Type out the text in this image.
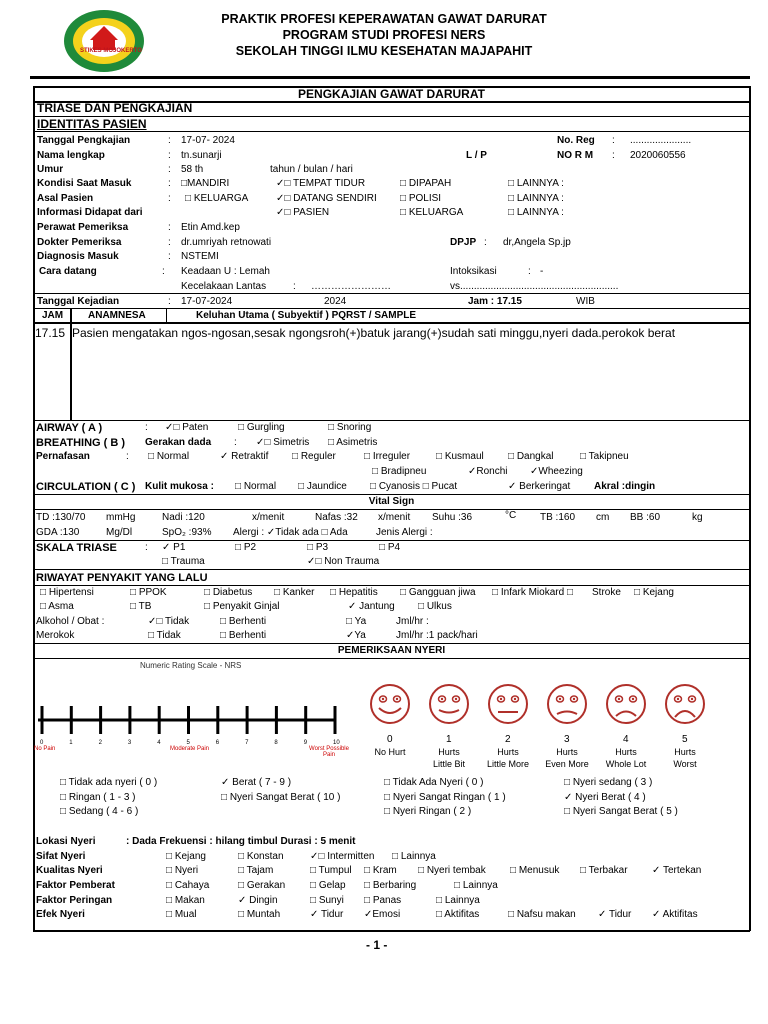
STIKES MOJOKERTO
PRAKTIK PROFESI KEPERAWATAN GAWAT DARURAT
PROGRAM STUDI PROFESI NERS
SEKOLAH TINGGI ILMU KESEHATAN MAJAPAHIT
PENGKAJIAN GAWAT DARURAT
TRIASE DAN PENGKAJIAN
IDENTITAS PASIEN
Tanggal Pengkajian	: 17-07- 2024	No. Reg : ......................
Nama lengkap	: tn.sunarji	L / P	NO R M : 2020060556
Umur	: 58 th	tahun / bulan / hari
Kondisi Saat Masuk	: □MANDIRI	✓□ TEMPAT TIDUR	□ DIPAPAH	□ LAINNYA :
Asal Pasien	: □ KELUARGA	✓□ DATANG SENDIRI □ POLISI	□ LAINNYA :
Informasi Didapat dari	✓□ PASIEN	□ KELUARGA	□ LAINNYA :
Perawat Pemeriksa	: Etin Amd.kep
Dokter Pemeriksa	: dr.umriyah retnowati	DPJP : dr,Angela Sp.jp
Diagnosis Masuk	: NSTEMI
Cara datang	: Keadaan U : Lemah	Intoksikasi	: -
Kecelakaan Lantas	: ……………………	vs.........................................................
Tanggal Kejadian	: 17-07-2024	2024	Jam : 17.15	WIB
JAM ANAMNESA	Keluhan Utama ( Subyektif ) PQRST / SAMPLE
17.15 Pasien mengatakan ngos-ngosan,sesak ngongsroh(+)batuk jarang(+)sudah sati minggu,nyeri dada.perokok berat
AIRWAY ( A )	: ✓□ Paten	□ Gurgling	□ Snoring
BREATHING ( B ) Gerakan dada : ✓□ Simetris □ Asimetris
Pernafasan	: □ Normal	✓ Retraktif □ Reguler	□ Irreguler	□ Kusmaul □ Dangkal	□ Takipneu
□ Bradipneu	✓Ronchi ✓Wheezing
CIRCULATION ( C ) Kulit mukosa : □ Normal □ Jaundice □ Cyanosis □ Pucat	✓ Berkeringat Akral :dingin
Vital Sign
TD :130/70 mmHg	Nadi :120	x/menit	Nafas :32 x/menit Suhu :36	°C TB :160 cm BB :60	kg
GDA :130	Mg/Dl	SpO₂ :93% Alergi : ✓Tidak ada □ Ada	Jenis Alergi :
SKALA TRIASE	: ✓ P1	□ P2	□ P3	□ P4
□ Trauma	✓□ Non Trauma
RIWAYAT PENYAKIT YANG LALU
□ Hipertensi	□ PPOK	□ Diabetus □ Kanker □ Hepatitis □ Gangguan jiwa □ Infark Miokard □ Stroke □ Kejang
□ Asma	□ TB	□ Penyakit Ginjal	✓ Jantung □ Ulkus
Alkohol / Obat :	✓□ Tidak	□ Berhenti	□ Ya	Jml/hr :
Merokok	□ Tidak	□ Berhenti	✓Ya	Jml/hr :1 pack/hari
PEMERIKSAAN NYERI
Numeric Rating Scale - NRS
0	1	2	3	4	5	6	7	8	9	10
No Pain	Moderate Pain	Worst Possible Pain
0
No Hurt
1
Hurts
Little Bit
2
Hurts
Little More
3
Hurts
Even More
4
Hurts
Whole Lot
5
Hurts
Worst
□ Tidak ada nyeri ( 0 )
□ Ringan ( 1 - 3 )
□ Sedang ( 4 - 6 )
✓ Berat ( 7 - 9 )
□ Nyeri Sangat Berat ( 10 )
□ Tidak Ada Nyeri ( 0 )
□ Nyeri Sangat Ringan ( 1 )
□ Nyeri Ringan ( 2 )
□ Nyeri sedang ( 3 )
✓ Nyeri Berat ( 4 )
□ Nyeri Sangat Berat ( 5 )
Lokasi Nyeri	: Dada Frekuensi : hilang timbul Durasi : 5 menit
Sifat Nyeri	□ Kejang	□ Konstan	✓□ Intermitten □ Lainnya
Kualitas Nyeri	□ Nyeri	□ Tajam	□ Tumpul □ Kram □ Nyeri tembak □ Menusuk □ Terbakar ✓ Tertekan
Faktor Pemberat	□ Cahaya	□ Gerakan □ Gelap □ Berbaring	□ Lainnya
Faktor Peringan	□ Makan	✓ Dingin	□ Sunyi □ Panas	□ Lainnya
Efek Nyeri	□ Mual	□ Muntah	✓ Tidur ✓Emosi	□ Aktifitas	□ Nafsu makan ✓ Tidur ✓ Aktifitas
- 1 -
